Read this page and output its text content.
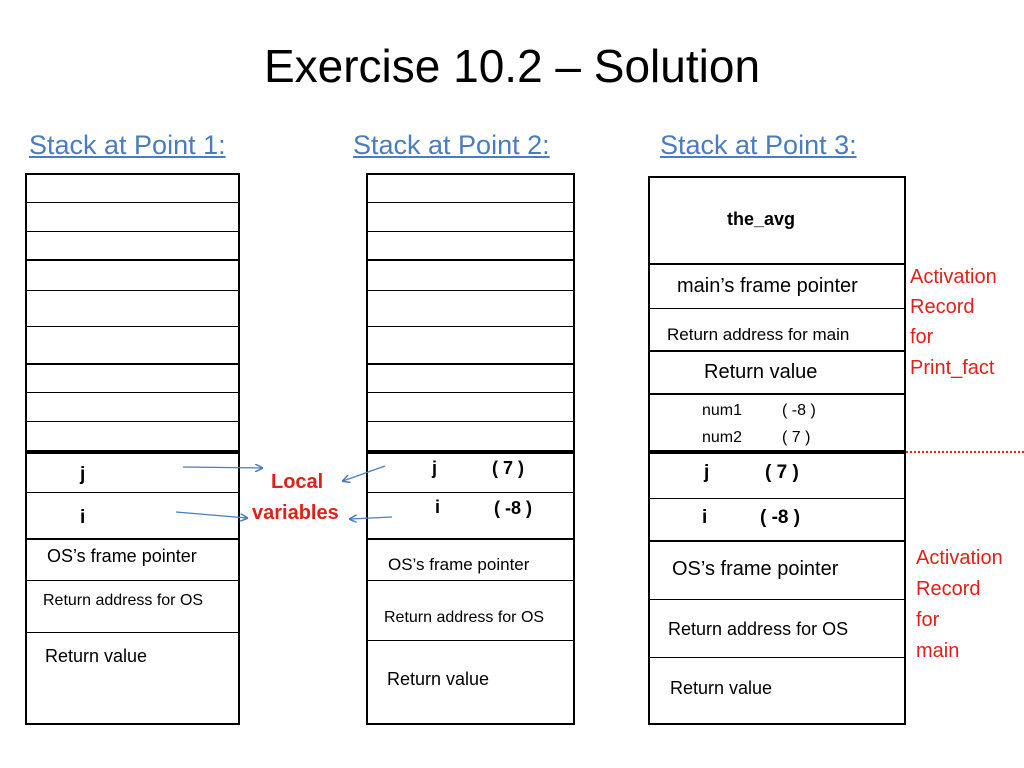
Exercise 10.2 – Solution
Stack at Point 1:	Stack at Point 2:	Stack at Point 3:
j
i
OS’s frame pointer
Return address for OS
Return value
Local
variables
j	( 7 )
i	( -8 )
OS’s frame pointer
Return address for OS
Return value
the_avg
main’s frame pointer
Return address for main
Return value
num1 ( -8 )
num2 ( 7 )
j	( 7 )
i	( -8 )
OS’s frame pointer
Return address for OS
Return value
Activation
Record
for
Print_fact
Activation
Record
for
main
